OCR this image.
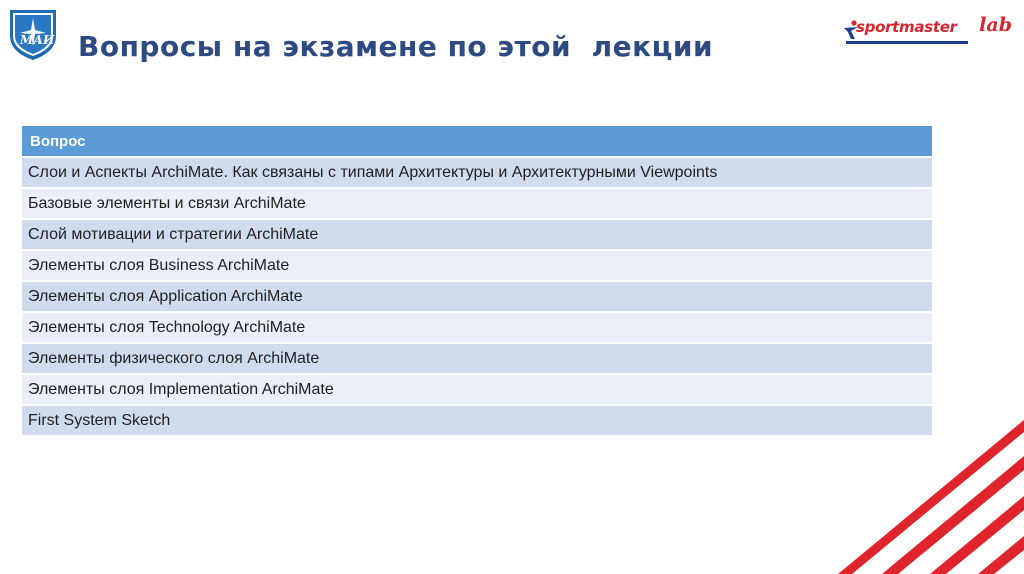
МАИ Вопросы на экзамене по этой  лекции
sportmaster lab
Вопрос
Слои и Аспекты ArchiMate. Как связаны с типами Архитектуры и Архитектурными Viewpoints
Базовые элементы и связи ArchiMate
Слой мотивации и стратегии ArchiMate
Элементы слоя Business ArchiMate
Элементы слоя Application ArchiMate
Элементы слоя Technology ArchiMate
Элементы физического слоя ArchiMate
Элементы слоя Implementation ArchiMate
First System Sketch
